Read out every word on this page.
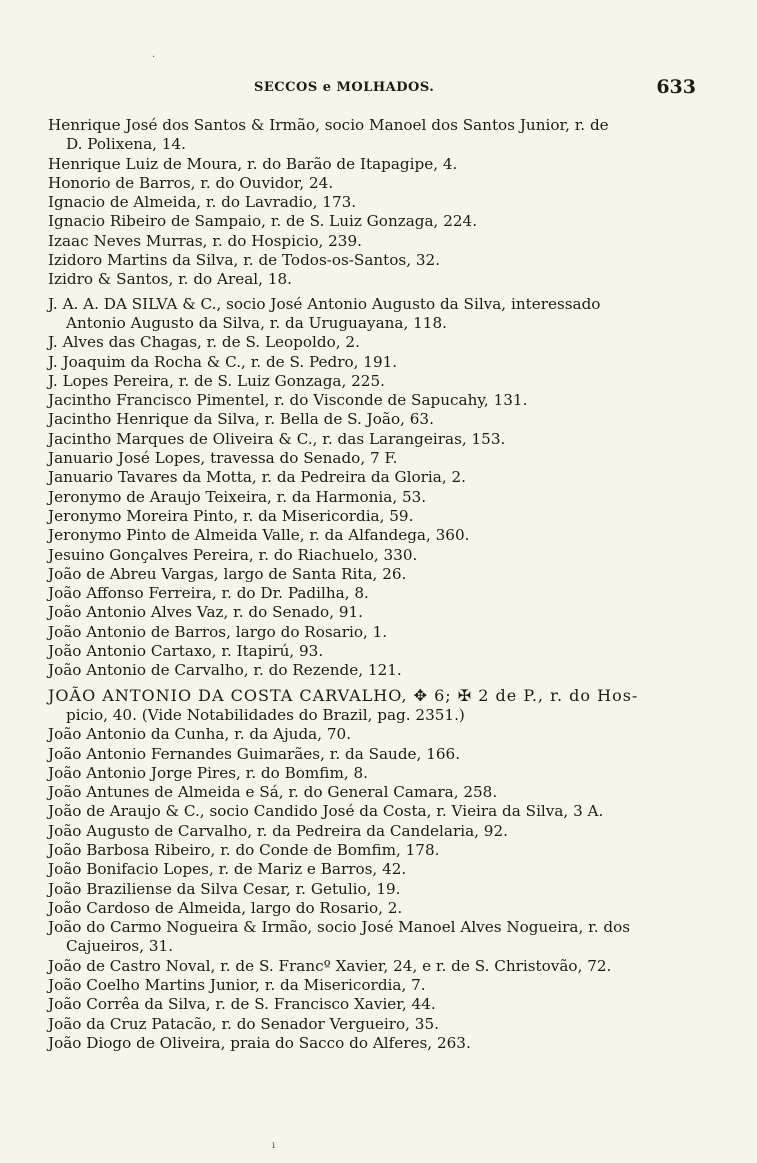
SECCOS e MOLHADOS.	633
Henrique José dos Santos & Irmão, socio Manoel dos Santos Junior, r. de
D. Polixena, 14.
Henrique Luiz de Moura, r. do Barão de Itapagipe, 4.
Honorio de Barros, r. do Ouvidor, 24.
Ignacio de Almeida, r. do Lavradio, 173.
Ignacio Ribeiro de Sampaio, r. de S. Luiz Gonzaga, 224.
Izaac Neves Murras, r. do Hospicio, 239.
Izidoro Martins da Silva, r. de Todos-os-Santos, 32.
Izidro & Santos, r. do Areal, 18.
J. A. A. DA SILVA & C., socio José Antonio Augusto da Silva, interessado
Antonio Augusto da Silva, r. da Uruguayana, 118.
J. Alves das Chagas, r. de S. Leopoldo, 2.
J. Joaquim da Rocha & C., r. de S. Pedro, 191.
J. Lopes Pereira, r. de S. Luiz Gonzaga, 225.
Jacintho Francisco Pimentel, r. do Visconde de Sapucahy, 131.
Jacintho Henrique da Silva, r. Bella de S. João, 63.
Jacintho Marques de Oliveira & C., r. das Larangeiras, 153.
Januario José Lopes, travessa do Senado, 7 F.
Januario Tavares da Motta, r. da Pedreira da Gloria, 2.
Jeronymo de Araujo Teixeira, r. da Harmonia, 53.
Jeronymo Moreira Pinto, r. da Misericordia, 59.
Jeronymo Pinto de Almeida Valle, r. da Alfandega, 360.
Jesuino Gonçalves Pereira, r. do Riachuelo, 330.
João de Abreu Vargas, largo de Santa Rita, 26.
João Affonso Ferreira, r. do Dr. Padilha, 8.
João Antonio Alves Vaz, r. do Senado, 91.
João Antonio de Barros, largo do Rosario, 1.
João Antonio Cartaxo, r. Itapirú, 93.
João Antonio de Carvalho, r. do Rezende, 121.
JOÃO ANTONIO DA COSTA CARVALHO, ✥ 6; ✠ 2 de P., r. do Hos-
picio, 40. (Vide Notabilidades do Brazil, pag. 2351.)
João Antonio da Cunha, r. da Ajuda, 70.
João Antonio Fernandes Guimarães, r. da Saude, 166.
João Antonio Jorge Pires, r. do Bomfim, 8.
João Antunes de Almeida e Sá, r. do General Camara, 258.
João de Araujo & C., socio Candido José da Costa, r. Vieira da Silva, 3 A.
João Augusto de Carvalho, r. da Pedreira da Candelaria, 92.
João Barbosa Ribeiro, r. do Conde de Bomfim, 178.
João Bonifacio Lopes, r. de Mariz e Barros, 42.
João Braziliense da Silva Cesar, r. Getulio, 19.
João Cardoso de Almeida, largo do Rosario, 2.
João do Carmo Nogueira & Irmão, socio José Manoel Alves Nogueira, r. dos
Cajueiros, 31.
João de Castro Noval, r. de S. Francº Xavier, 24, e r. de S. Christovão, 72.
João Coelho Martins Junior, r. da Misericordia, 7.
João Corrêa da Silva, r. de S. Francisco Xavier, 44.
João da Cruz Patacão, r. do Senador Vergueiro, 35.
João Diogo de Oliveira, praia do Sacco do Alferes, 263.
·
ı
